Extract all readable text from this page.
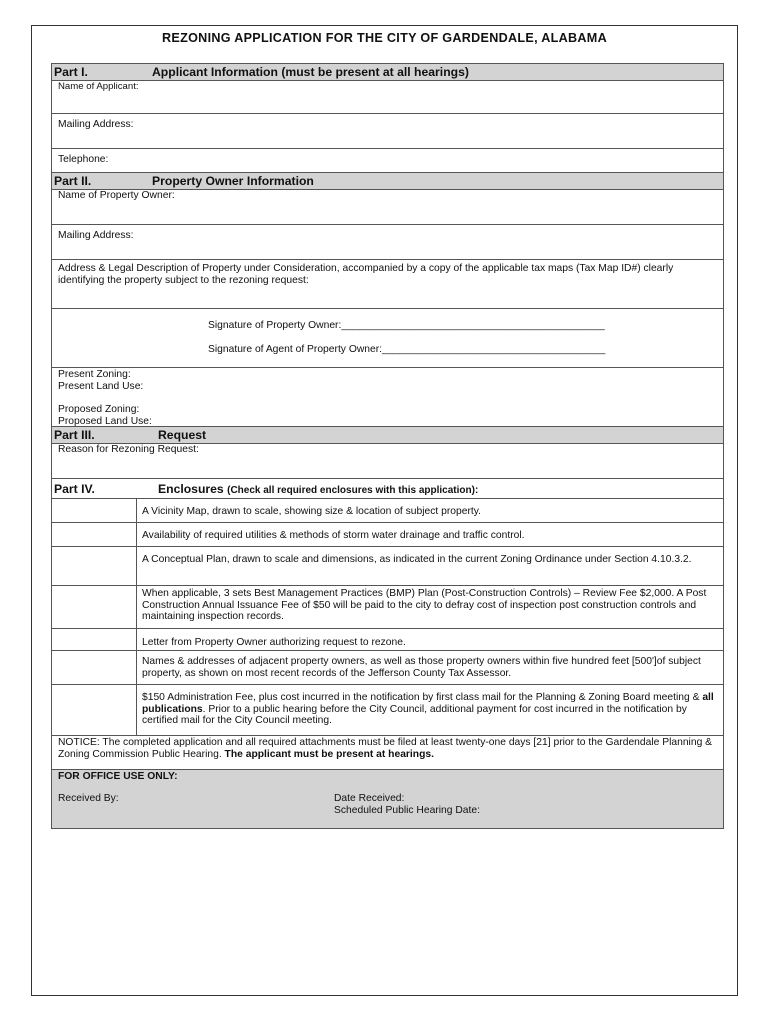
REZONING APPLICATION FOR THE CITY OF GARDENDALE, ALABAMA
Part I.	Applicant Information (must be present at all hearings)
Name of Applicant:
Mailing Address:
Telephone:
Part II.	Property Owner Information
Name of Property Owner:
Mailing Address:
Address & Legal Description of Property under Consideration, accompanied by a copy of the applicable tax maps (Tax Map ID#) clearly identifying the property subject to the rezoning request:
Signature of Property Owner:______________________________________________
Signature of Agent of Property Owner:_______________________________________
Present Zoning:
Present Land Use:
Proposed Zoning:
Proposed Land Use:
Part III.	Request
Reason for Rezoning Request:
Part IV.	Enclosures (Check all required enclosures with this application):
A Vicinity Map, drawn to scale, showing size & location of subject property.
Availability of required utilities & methods of storm water drainage and traffic control.
A Conceptual Plan, drawn to scale and dimensions, as indicated in the current Zoning Ordinance under Section 4.10.3.2.
When applicable, 3 sets Best Management Practices (BMP) Plan (Post-Construction Controls) – Review Fee $2,000. A Post Construction Annual Issuance Fee of $50 will be paid to the city to defray cost of inspection post construction controls and maintaining inspection records.
Letter from Property Owner authorizing request to rezone.
Names & addresses of adjacent property owners, as well as those property owners within five hundred feet [500']of subject property, as shown on most recent records of the Jefferson County Tax Assessor.
$150 Administration Fee, plus cost incurred in the notification by first class mail for the Planning & Zoning Board meeting & all publications. Prior to a public hearing before the City Council, additional payment for cost incurred in the notification by certified mail for the City Council meeting.
NOTICE: The completed application and all required attachments must be filed at least twenty-one days [21] prior to the Gardendale Planning & Zoning Commission Public Hearing. The applicant must be present at hearings.
FOR OFFICE USE ONLY:
Received By:	Date Received:
Scheduled Public Hearing Date:
